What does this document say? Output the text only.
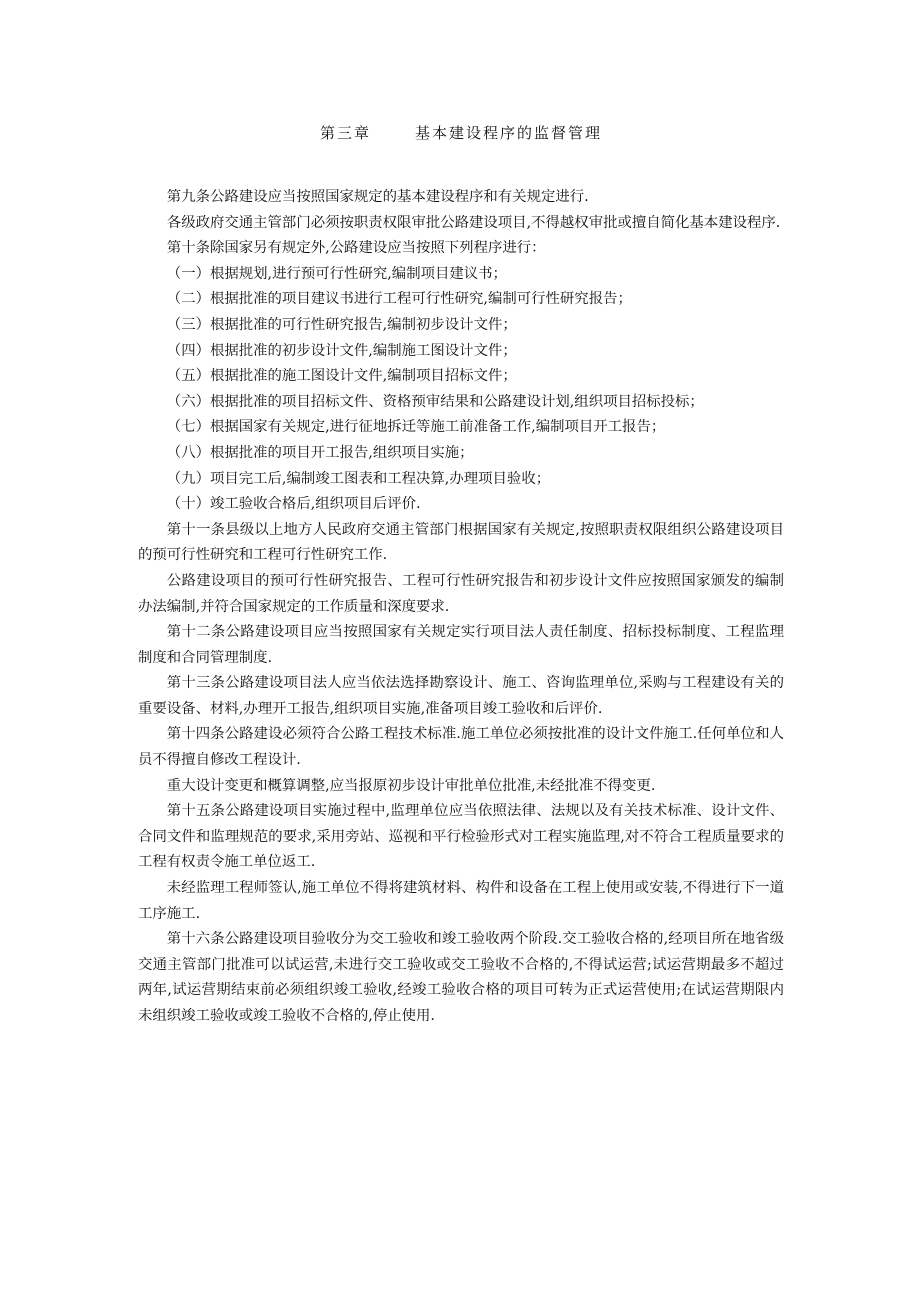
第三章	基本建设程序的监督管理

第九条公路建设应当按照国家规定的基本建设程序和有关规定进行.

各级政府交通主管部门必须按职责权限审批公路建设项目,不得越权审批或擅自简化基本建设程序.

第十条除国家另有规定外,公路建设应当按照下列程序进行：

（一）根据规划,进行预可行性研究,编制项目建议书；

（二）根据批准的项目建议书进行工程可行性研究,编制可行性研究报告；

（三）根据批准的可行性研究报告,编制初步设计文件；

（四）根据批准的初步设计文件,编制施工图设计文件；

（五）根据批准的施工图设计文件,编制项目招标文件；

（六）根据批准的项目招标文件、资格预审结果和公路建设计划,组织项目招标投标；

（七）根据国家有关规定,进行征地拆迁等施工前准备工作,编制项目开工报告；

（八）根据批准的项目开工报告,组织项目实施；

（九）项目完工后,编制竣工图表和工程决算,办理项目验收；

（十）竣工验收合格后,组织项目后评价.

第十一条县级以上地方人民政府交通主管部门根据国家有关规定,按照职责权限组织公路建设项目的预可行性研究和工程可行性研究工作.

公路建设项目的预可行性研究报告、工程可行性研究报告和初步设计文件应按照国家颁发的编制办法编制,并符合国家规定的工作质量和深度要求.

第十二条公路建设项目应当按照国家有关规定实行项目法人责任制度、招标投标制度、工程监理制度和合同管理制度.

第十三条公路建设项目法人应当依法选择勘察设计、施工、咨询监理单位,采购与工程建设有关的重要设备、材料,办理开工报告,组织项目实施,准备项目竣工验收和后评价.

第十四条公路建设必须符合公路工程技术标准.施工单位必须按批准的设计文件施工.任何单位和人员不得擅自修改工程设计.

重大设计变更和概算调整,应当报原初步设计审批单位批准,未经批准不得变更.

第十五条公路建设项目实施过程中,监理单位应当依照法律、法规以及有关技术标准、设计文件、合同文件和监理规范的要求,采用旁站、巡视和平行检验形式对工程实施监理,对不符合工程质量要求的工程有权责令施工单位返工.

未经监理工程师签认,施工单位不得将建筑材料、构件和设备在工程上使用或安装,不得进行下一道工序施工.

第十六条公路建设项目验收分为交工验收和竣工验收两个阶段.交工验收合格的,经项目所在地省级交通主管部门批准可以试运营,未进行交工验收或交工验收不合格的,不得试运营;试运营期最多不超过两年,试运营期结束前必须组织竣工验收,经竣工验收合格的项目可转为正式运营使用;在试运营期限内未组织竣工验收或竣工验收不合格的,停止使用.
